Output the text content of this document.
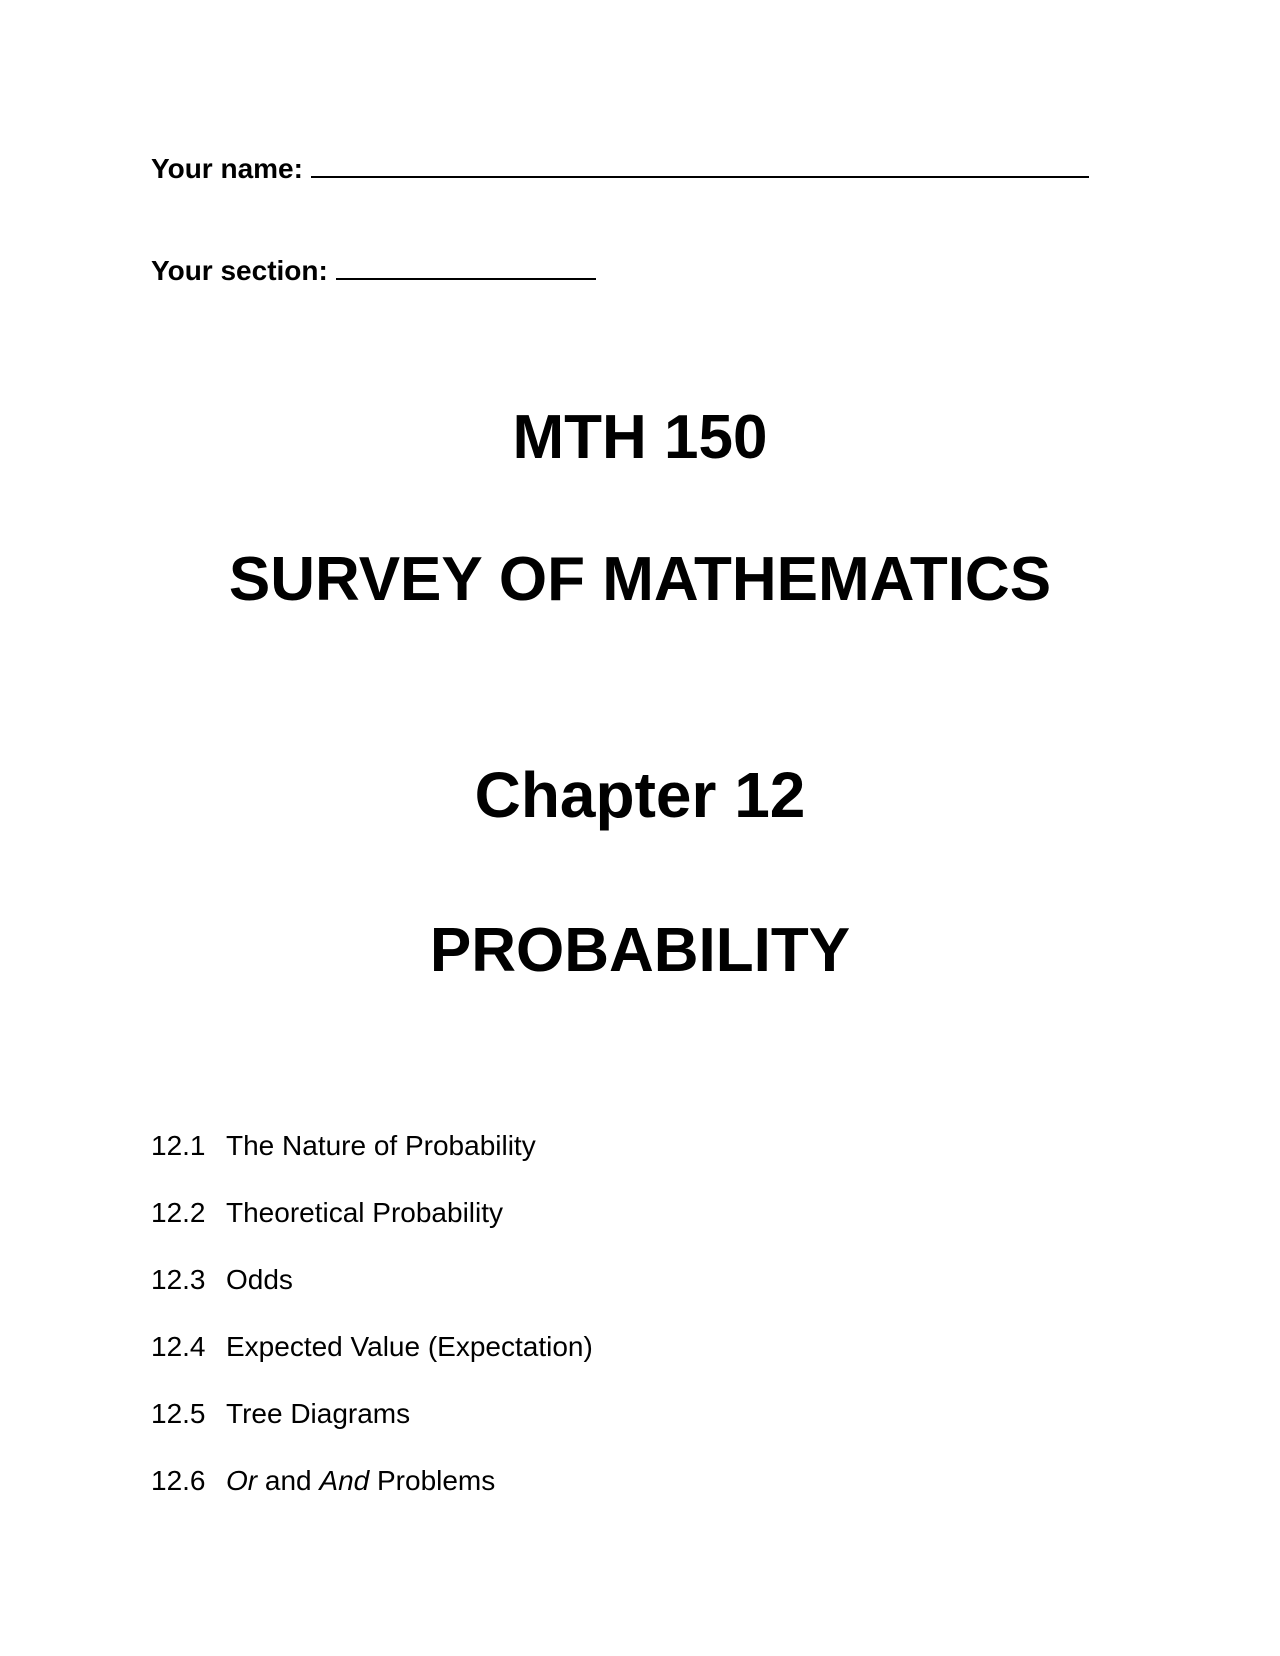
Your name:
Your section:
MTH 150
SURVEY OF MATHEMATICS
Chapter 12
PROBABILITY
12.1 The Nature of Probability
12.2 Theoretical Probability
12.3 Odds
12.4 Expected Value (Expectation)
12.5 Tree Diagrams
12.6 Or and And Problems
